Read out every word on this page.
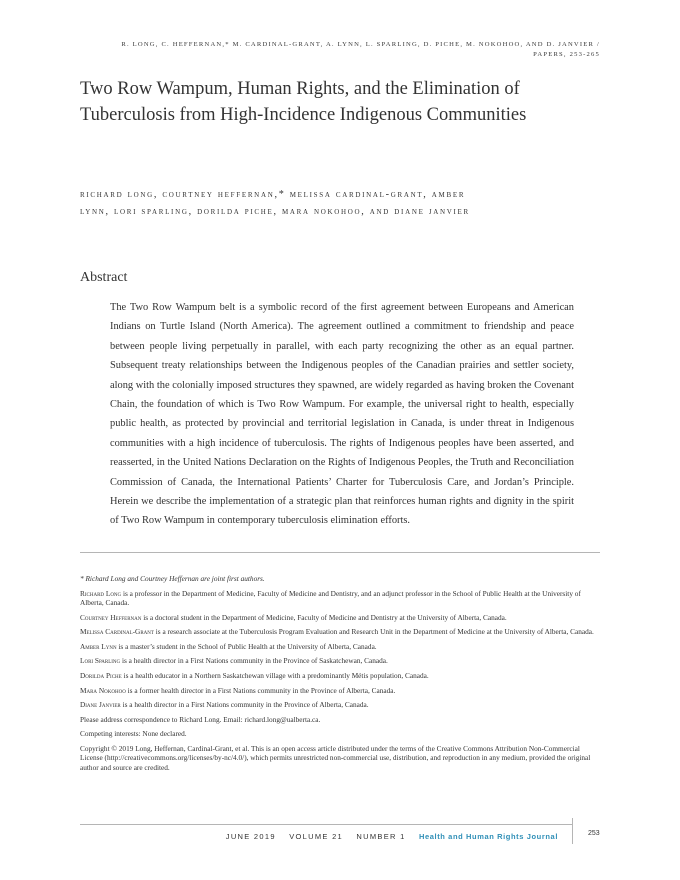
R. LONG, C. HEFFERNAN,* M. CARDINAL-GRANT, A. LYNN, L. SPARLING, D. PICHE, M. NOKOHOO, AND D. JANVIER /
PAPERS, 253-265
Two Row Wampum, Human Rights, and the Elimination of Tuberculosis from High-Incidence Indigenous Communities
richard long, courtney heffernan,* melissa cardinal-grant, amber
lynn, lori sparling, dorilda piche, mara nokohoo, and diane janvier
Abstract

The Two Row Wampum belt is a symbolic record of the first agreement between Europeans and American Indians on Turtle Island (North America). The agreement outlined a commitment to friendship and peace between people living perpetually in parallel, with each party recognizing the other as an equal partner. Subsequent treaty relationships between the Indigenous peoples of the Canadian prairies and settler society, along with the colonially imposed structures they spawned, are widely regarded as having broken the Covenant Chain, the foundation of which is Two Row Wampum. For example, the universal right to health, especially public health, as protected by provincial and territorial legislation in Canada, is under threat in Indigenous communities with a high incidence of tuberculosis. The rights of Indigenous peoples have been asserted, and reasserted, in the United Nations Declaration on the Rights of Indigenous Peoples, the Truth and Reconciliation Commission of Canada, the International Patients’ Charter for Tuberculosis Care, and Jordan’s Principle. Herein we describe the implementation of a strategic plan that reinforces human rights and dignity in the spirit of Two Row Wampum in contemporary tuberculosis elimination efforts.

* Richard Long and Courtney Heffernan are joint first authors.

Richard Long is a professor in the Department of Medicine, Faculty of Medicine and Dentistry, and an adjunct professor in the School of Public Health at the University of Alberta, Canada.

Courtney Heffernan is a doctoral student in the Department of Medicine, Faculty of Medicine and Dentistry at the University of Alberta, Canada.

Melissa Cardinal-Grant is a research associate at the Tuberculosis Program Evaluation and Research Unit in the Department of Medicine at the University of Alberta, Canada.

Amber Lynn is a master’s student in the School of Public Health at the University of Alberta, Canada.

Lori Sparling is a health director in a First Nations community in the Province of Saskatchewan, Canada.

Dorilda Piche is a health educator in a Northern Saskatchewan village with a predominantly Métis population, Canada.

Mara Nokohoo is a former health director in a First Nations community in the Province of Alberta, Canada.

Diane Janvier is a health director in a First Nations community in the Province of Alberta, Canada.

Please address correspondence to Richard Long. Email: richard.long@ualberta.ca.

Competing interests: None declared.

Copyright © 2019 Long, Heffernan, Cardinal-Grant, et al. This is an open access article distributed under the terms of the Creative Commons Attribution Non-Commercial License (http://creativecommons.org/licenses/by-nc/4.0/), which permits unrestricted non-commercial use, distribution, and reproduction in any medium, provided the original author and source are credited.

JUNE 2019 VOLUME 21 NUMBER 1 Health and Human Rights Journal	253
